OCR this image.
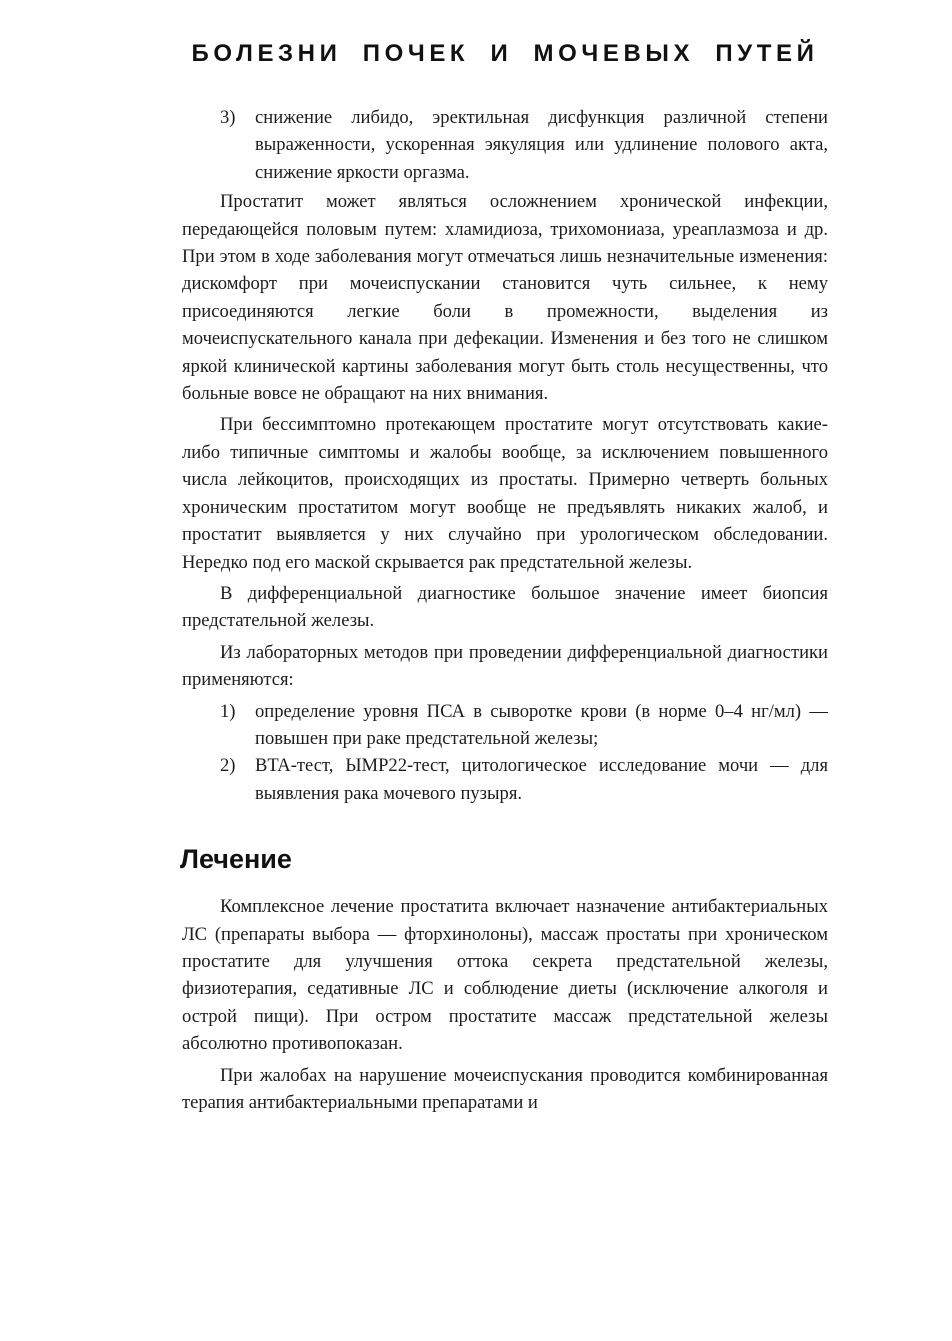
БОЛЕЗНИ ПОЧЕК И МОЧЕВЫХ ПУТЕЙ
3) снижение либидо, эректильная дисфункция различной степени выраженности, ускоренная эякуляция или удлинение полового акта, снижение яркости оргазма.

Простатит может являться осложнением хронической инфекции, передающейся половым путем: хламидиоза, трихомониаза, уреаплазмоза и др. При этом в ходе заболевания могут отмечаться лишь незначительные изменения: дискомфорт при мочеиспускании становится чуть сильнее, к нему присоединяются легкие боли в промежности, выделения из мочеиспускательного канала при дефекации. Изменения и без того не слишком яркой клинической картины заболевания могут быть столь несущественны, что больные вовсе не обращают на них внимания.

При бессимптомно протекающем простатите могут отсутствовать какие-либо типичные симптомы и жалобы вообще, за исключением повышенного числа лейкоцитов, происходящих из простаты. Примерно четверть больных хроническим простатитом могут вообще не предъявлять никаких жалоб, и простатит выявляется у них случайно при урологическом обследовании. Нередко под его маской скрывается рак предстательной железы.

В дифференциальной диагностике большое значение имеет биопсия предстательной железы.

Из лабораторных методов при проведении дифференциальной диагностики применяются:

1) определение уровня ПСА в сыворотке крови (в норме 0–4 нг/мл) — повышен при раке предстательной железы;
2) BTA-тест, ЫМР22-тест, цитологическое исследование мочи — для выявления рака мочевого пузыря.
Лечение

Комплексное лечение простатита включает назначение антибактериальных ЛС (препараты выбора — фторхинолоны), массаж простаты при хроническом простатите для улучшения оттока секрета предстательной железы, физиотерапия, седативные ЛС и соблюдение диеты (исключение алкоголя и острой пищи). При остром простатите массаж предстательной железы абсолютно противопоказан.

При жалобах на нарушение мочеиспускания проводится комбинированная терапия антибактериальными препаратами и
